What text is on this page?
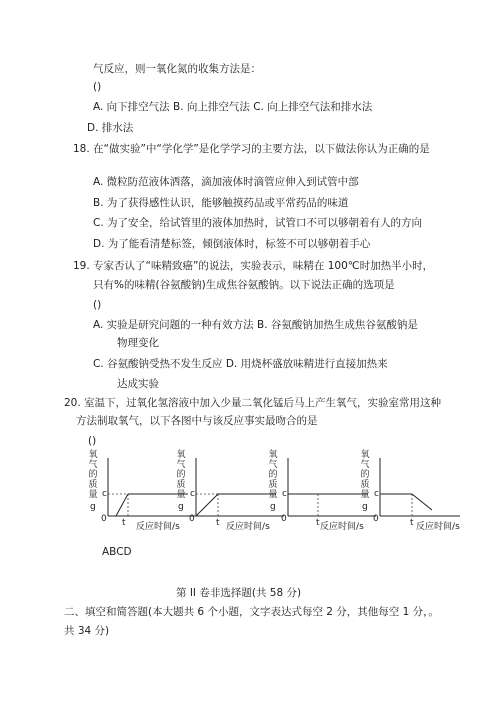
气反应，则一氧化氮的收集方法是：
()
A. 向下排空气法 B. 向上排空气法 C. 向上排空气法和排水法
D. 排水法
18. 在“做实验”中“学化学”是化学学习的主要方法，以下做法你认为正确的是
A. 微粒防范液体洒落，滴加液体时滴管应伸入到试管中部
B. 为了获得感性认识，能够触摸药品或平常药品的味道
C. 为了安全，给试管里的液体加热时，试管口不可以够朝着有人的方向
D. 为了能看清楚标签，倾倒液体时，标签不可以够朝着手心
19. 专家否认了“味精致癌”的说法，实验表示，味精在 100℃时加热半小时，
只有%的味精(谷氨酸钠)生成焦谷氨酸钠。以下说法正确的选项是
()
A. 实验是研究问题的一种有效方法 B. 谷氨酸钠加热生成焦谷氨酸钠是
物理变化
C. 谷氨酸钠受热不发生反应 D. 用烧杯盛放味精进行直接加热来
达成实验
20. 室温下，过氧化氢溶液中加入少量二氧化锰后马上产生氧气，实验室常用这种
方法制取氧气，以下各图中与该反应事实最吻合的是
()
氧气的质量
g
c
0 t 反应时间/s
氧气的质量
g
c
0 t 反应时间/s
氧气的质量
g
c
0	t 反应时间/s
氧气的质量
g
c
0	t 反应时间/s
ABCD
第 II 卷非选择题(共 58 分)
二、填空和简答题(本大题共 6 个小题，文字表达式每空 2 分，其他每空 1 分，。
共 34 分)
